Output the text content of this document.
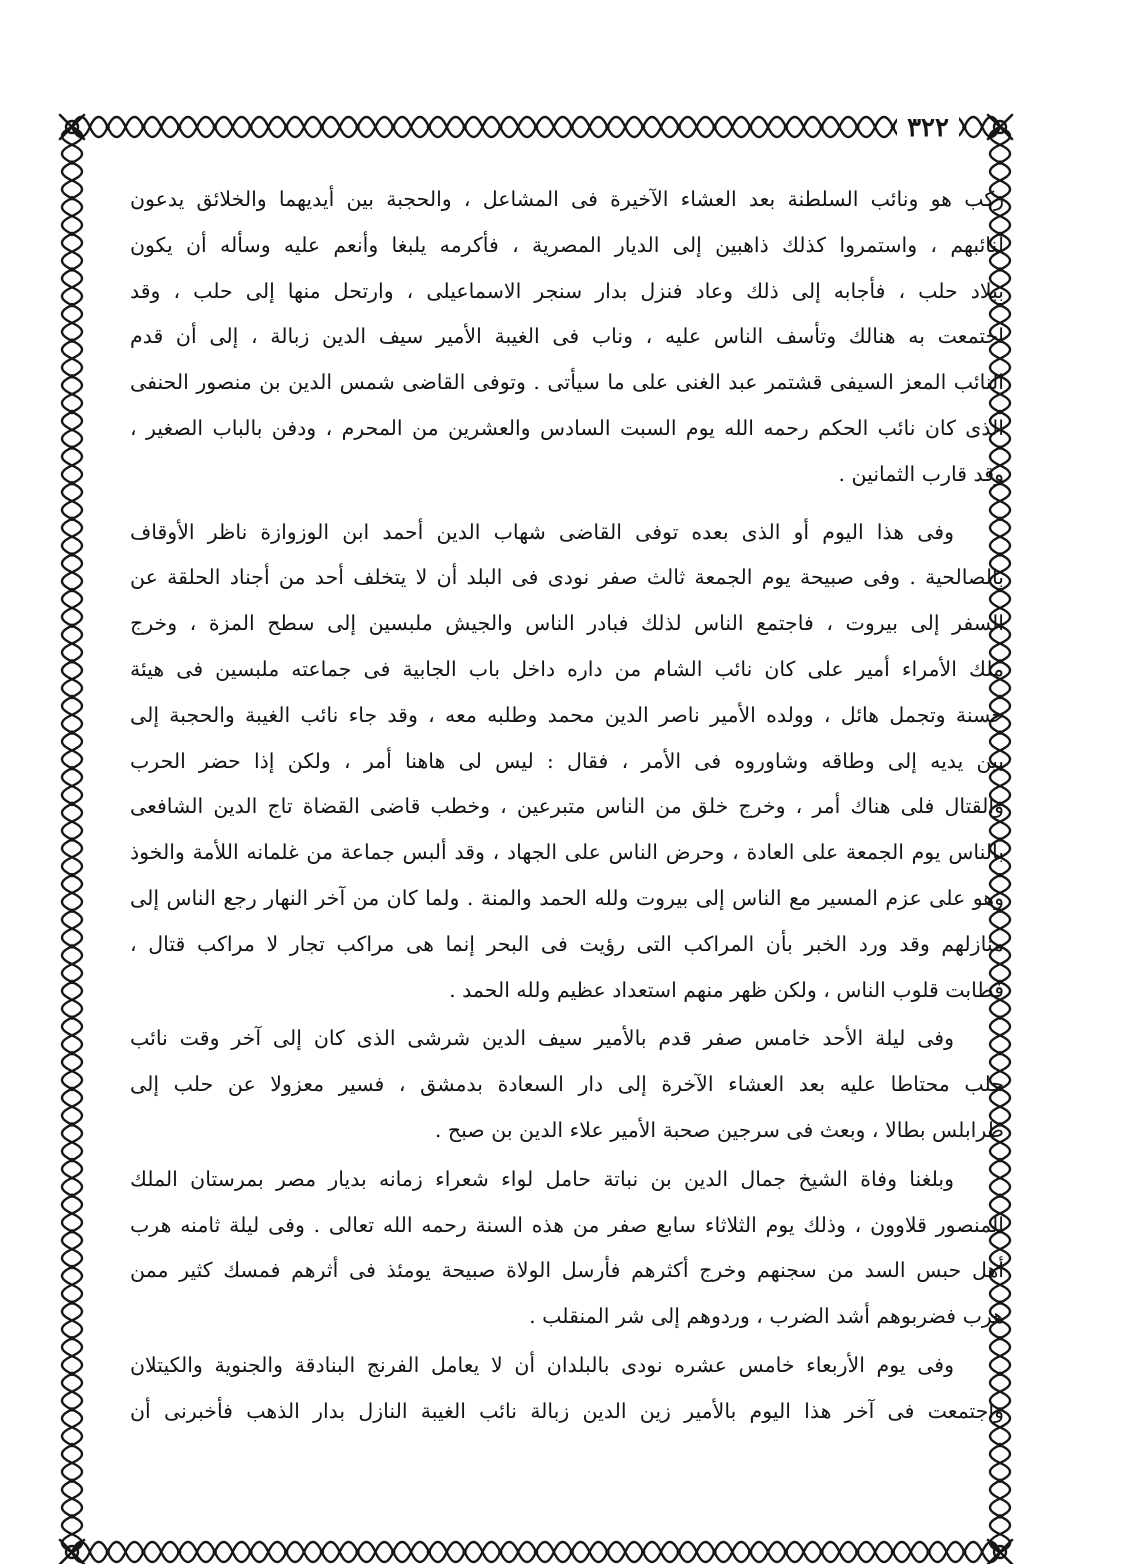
٣٢٢
ركب هو ونائب السلطنة بعد العشاء الآخيرة فى المشاعل ، والحجبة بين أيديهما والخلائق يدعون
لنائبهم ، واستمروا كذلك ذاهبين إلى الديار المصرية ، فأكرمه يلبغا وأنعم عليه وسأله أن يكون
ببلاد حلب ، فأجابه إلى ذلك وعاد فنزل بدار سنجر الاسماعيلى ، وارتحل منها إلى حلب ، وقد
اجتمعت به هنالك وتأسف الناس عليه ، وناب فى الغيبة الأمير سيف الدين زبالة ، إلى أن قدم
النائب المعز السيفى قشتمر عبد الغنى على ما سيأتى . وتوفى القاضى شمس الدين بن منصور الحنفى
الذى كان نائب الحكم رحمه الله يوم السبت السادس والعشرين من المحرم ، ودفن بالباب الصغير ،
وقد قارب الثمانين .
وفى هذا اليوم أو الذى بعده توفى القاضى شهاب الدين أحمد ابن الوزوازة ناظر الأوقاف
بالصالحية . وفى صبيحة يوم الجمعة ثالث صفر نودى فى البلد أن لا يتخلف أحد من أجناد الحلقة عن
السفر إلى بيروت ، فاجتمع الناس لذلك فبادر الناس والجيش ملبسين إلى سطح المزة ، وخرج
ملك الأمراء أمير على كان نائب الشام من داره داخل باب الجابية فى جماعته ملبسين فى هيئة
حسنة وتجمل هائل ، وولده الأمير ناصر الدين محمد وطلبه معه ، وقد جاء نائب الغيبة والحجبة إلى
بين يديه إلى وطاقه وشاوروه فى الأمر ، فقال : ليس لى هاهنا أمر ، ولكن إذا حضر الحرب
والقتال فلى هناك أمر ، وخرج خلق من الناس متبرعين ، وخطب قاضى القضاة تاج الدين الشافعى
بالناس يوم الجمعة على العادة ، وحرض الناس على الجهاد ، وقد ألبس جماعة من غلمانه اللأمة والخوذ
وهو على عزم المسير مع الناس إلى بيروت ولله الحمد والمنة . ولما كان من آخر النهار رجع الناس إلى
منازلهم وقد ورد الخبر بأن المراكب التى رؤيت فى البحر إنما هى مراكب تجار لا مراكب قتال ،
فطابت قلوب الناس ، ولكن ظهر منهم استعداد عظيم ولله الحمد .
وفى ليلة الأحد خامس صفر قدم بالأمير سيف الدين شرشى الذى كان إلى آخر وقت نائب
حلب محتاطا عليه بعد العشاء الآخرة إلى دار السعادة بدمشق ، فسير معزولا عن حلب إلى
طرابلس بطالا ، وبعث فى سرجين صحبة الأمير علاء الدين بن صبح .
وبلغنا وفاة الشيخ جمال الدين بن نباتة حامل لواء شعراء زمانه بديار مصر بمرستان الملك
المنصور قلاوون ، وذلك يوم الثلاثاء سابع صفر من هذه السنة رحمه الله تعالى . وفى ليلة ثامنه هرب
أهل حبس السد من سجنهم وخرج أكثرهم فأرسل الولاة صبيحة يومئذ فى أثرهم فمسك كثير ممن
هرب فضربوهم أشد الضرب ، وردوهم إلى شر المنقلب .
وفى يوم الأربعاء خامس عشره نودى بالبلدان أن لا يعامل الفرنج البنادقة والجنوية والكيتلان
واجتمعت فى آخر هذا اليوم بالأمير زين الدين زبالة نائب الغيبة النازل بدار الذهب فأخبرنى أن
